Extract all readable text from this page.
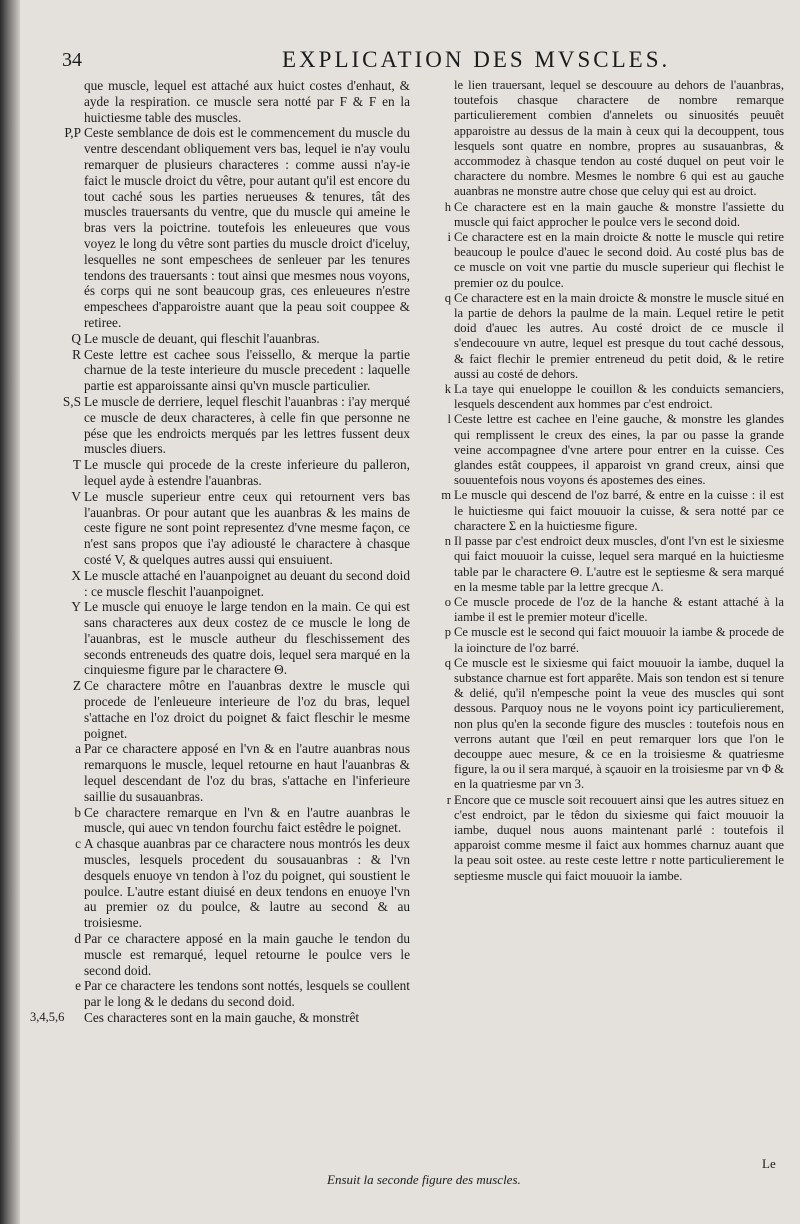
34	EXPLICATION DES MVSCLES.
que muscle, lequel est attaché aux huict costes d'enhaut, & ayde la respiration. ce muscle sera notté par F & F en la huictiesme table des muscles.
P,P Ceste semblance de dois est le commencement du muscle du ventre descendant obliquement vers bas, lequel ie n'ay voulu remarquer de plusieurs characteres : comme aussi n'ay-ie faict le muscle droict du vêtre, pour autant qu'il est encore du tout caché sous les parties nerueuses & tenures, tât des muscles trauersants du ventre, que du muscle qui ameine le bras vers la poictrine. toutefois les enleueures que vous voyez le long du vêtre sont parties du muscle droict d'iceluy, lesquelles ne sont empeschees de senleuer par les tenures tendons des trauersants : tout ainsi que mesmes nous voyons, és corps qui ne sont beaucoup gras, ces enleueures n'estre empeschees d'apparoistre auant que la peau soit couppee & retiree.
Q Le muscle de deuant, qui fleschit l'auanbras.
R Ceste lettre est cachee sous l'eissello, & merque la partie charnue de la teste interieure du muscle precedent : laquelle partie est apparoissante ainsi qu'vn muscle particulier.
S,S Le muscle de derriere, lequel fleschit l'auanbras : i'ay merqué ce muscle de deux characteres, à celle fin que personne ne pése que les endroicts merqués par les lettres fussent deux muscles diuers.
T Le muscle qui procede de la creste inferieure du palleron, lequel ayde à estendre l'auanbras.
V Le muscle superieur entre ceux qui retournent vers bas l'auanbras. Or pour autant que les auanbras & les mains de ceste figure ne sont point representez d'vne mesme façon, ce n'est sans propos que i'ay adiousté le charactere à chasque costé V, & quelques autres aussi qui ensuiuent.
X Le muscle attaché en l'auanpoignet au deuant du second doid : ce muscle fleschit l'auanpoignet.
Y Le muscle qui enuoye le large tendon en la main. Ce qui est sans characteres aux deux costez de ce muscle le long de l'auanbras, est le muscle autheur du fleschissement des seconds entreneuds des quatre dois, lequel sera marqué en la cinquiesme figure par le charactere Θ.
Z Ce charactere môtre en l'auanbras dextre le muscle qui procede de l'enleueure interieure de l'oz du bras, lequel s'attache en l'oz droict du poignet & faict fleschir le mesme poignet.
a Par ce charactere apposé en l'vn & en l'autre auanbras nous remarquons le muscle, lequel retourne en haut l'auanbras & lequel descendant de l'oz du bras, s'attache en l'inferieure saillie du susauanbras.
b Ce charactere remarque en l'vn & en l'autre auanbras le muscle, qui auec vn tendon fourchu faict estêdre le poignet.
c A chasque auanbras par ce charactere nous montrós les deux muscles, lesquels procedent du sousauanbras : & l'vn desquels enuoye vn tendon à l'oz du poignet, qui soustient le poulce. L'autre estant diuisé en deux tendons en enuoye l'vn au premier oz du poulce, & lautre au second & au troisiesme.
d Par ce charactere apposé en la main gauche le tendon du muscle est remarqué, lequel retourne le poulce vers le second doid.
e Par ce charactere les tendons sont nottés, lesquels se coullent par le long & le dedans du second doid.
3,4,5,6	Ces characteres sont en la main gauche, & monstrêt
le lien trauersant, lequel se descouure au dehors de l'auanbras, toutefois chasque charactere de nombre remarque particulierement combien d'annelets ou sinuosités peuuêt apparoistre au dessus de la main à ceux qui la decouppent, tous lesquels sont quatre en nombre, propres au susauanbras, & accommodez à chasque tendon au costé duquel on peut voir le charactere du nombre. Mesmes le nombre 6 qui est au gauche auanbras ne monstre autre chose que celuy qui est au droict.
h Ce charactere est en la main gauche & monstre l'assiette du muscle qui faict approcher le poulce vers le second doid.
i Ce charactere est en la main droicte & notte le muscle qui retire beaucoup le poulce d'auec le second doid. Au costé plus bas de ce muscle on voit vne partie du muscle superieur qui flechist le premier oz du poulce.
q Ce charactere est en la main droicte & monstre le muscle situé en la partie de dehors la paulme de la main. Lequel retire le petit doid d'auec les autres. Au costé droict de ce muscle il s'endecouure vn autre, lequel est presque du tout caché dessous, & faict flechir le premier entreneud du petit doid, & le retire aussi au costé de dehors.
k La taye qui enueloppe le couillon & les conduicts semanciers, lesquels descendent aux hommes par c'est endroict.
l Ceste lettre est cachee en l'eine gauche, & monstre les glandes qui remplissent le creux des eines, la par ou passe la grande veine accompagnee d'vne artere pour entrer en la cuisse. Ces glandes estât couppees, il apparoist vn grand creux, ainsi que souuentefois nous voyons és apostemes des eines.
m Le muscle qui descend de l'oz barré, & entre en la cuisse : il est le huictiesme qui faict mouuoir la cuisse, & sera notté par ce charactere Σ en la huictiesme figure.
n Il passe par c'est endroict deux muscles, d'ont l'vn est le sixiesme qui faict mouuoir la cuisse, lequel sera marqué en la huictiesme table par le charactere Θ. L'autre est le septiesme & sera marqué en la mesme table par la lettre grecque Λ.
o Ce muscle procede de l'oz de la hanche & estant attaché à la iambe il est le premier moteur d'icelle.
p Ce muscle est le second qui faict mouuoir la iambe & procede de la ioincture de l'oz barré.
q Ce muscle est le sixiesme qui faict mouuoir la iambe, duquel la substance charnue est fort apparête. Mais son tendon est si tenure & delié, qu'il n'empesche point la veue des muscles qui sont dessous. Parquoy nous ne le voyons point icy particulierement, non plus qu'en la seconde figure des muscles : toutefois nous en verrons autant que l'œil en peut remarquer lors que l'on le decouppe auec mesure, & ce en la troisiesme & quatriesme figure, la ou il sera marqué, à sçauoir en la troisiesme par vn Φ & en la quatriesme par vn 3.
r Encore que ce muscle soit recouuert ainsi que les autres situez en c'est endroict, par le têdon du sixiesme qui faict mouuoir la iambe, duquel nous auons maintenant parlé : toutefois il apparoist comme mesme il faict aux hommes charnuz auant que la peau soit ostee. au reste ceste lettre r notte particulierement le septiesme muscle qui faict mouuoir la iambe.
Le
Ensuit la seconde figure des muscles.
